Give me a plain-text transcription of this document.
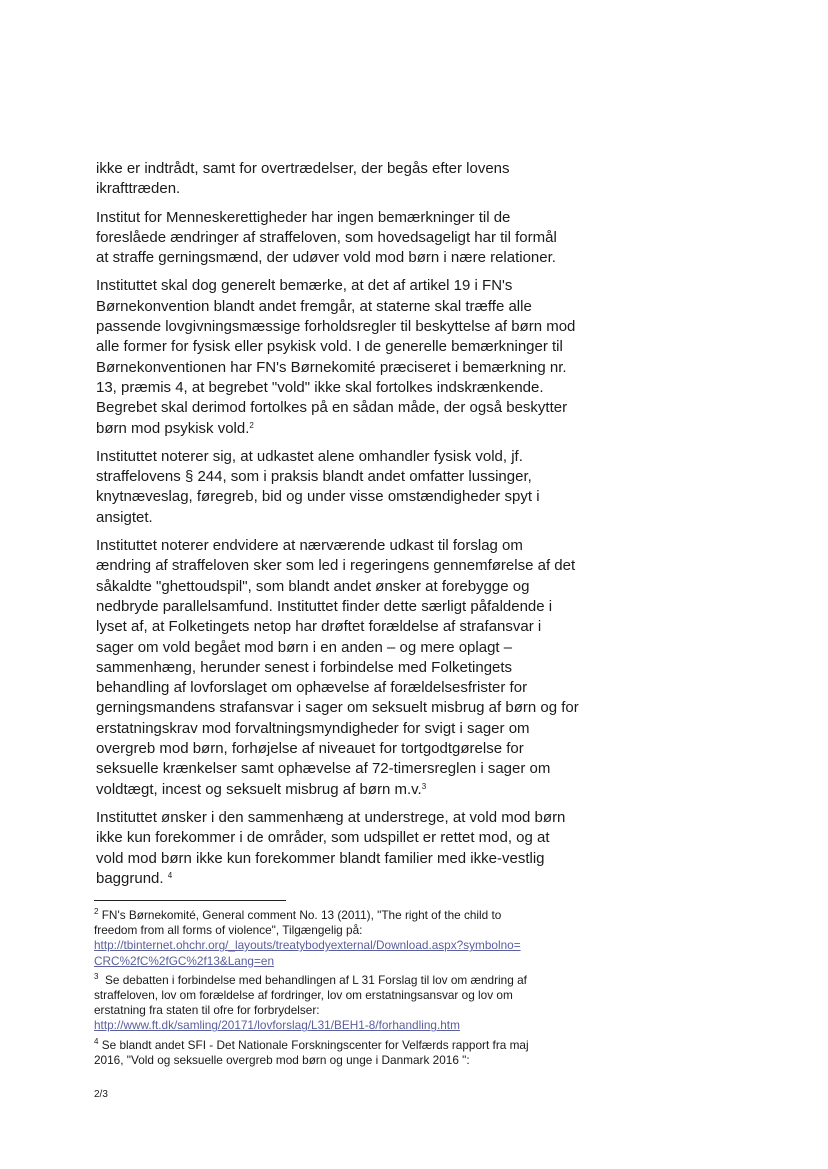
ikke er indtrådt, samt for overtrædelser, der begås efter lovens
ikrafttræden.

Institut for Menneskerettigheder har ingen bemærkninger til de
foreslåede ændringer af straffeloven, som hovedsageligt har til formål
at straffe gerningsmænd, der udøver vold mod børn i nære relationer.

Instituttet skal dog generelt bemærke, at det af artikel 19 i FN's
Børnekonvention blandt andet fremgår, at staterne skal træffe alle
passende lovgivningsmæssige forholdsregler til beskyttelse af børn mod
alle former for fysisk eller psykisk vold. I de generelle bemærkninger til
Børnekonventionen har FN's Børnekomité præciseret i bemærkning nr.
13, præmis 4, at begrebet "vold" ikke skal fortolkes indskrænkende.
Begrebet skal derimod fortolkes på en sådan måde, der også beskytter
børn mod psykisk vold.$^2$

Instituttet noterer sig, at udkastet alene omhandler fysisk vold, jf.
straffelovens § 244, som i praksis blandt andet omfatter lussinger,
knytnæveslag, føregreb, bid og under visse omstændigheder spyt i
ansigtet.

Instituttet noterer endvidere at nærværende udkast til forslag om
ændring af straffeloven sker som led i regeringens gennemførelse af det
såkaldte "ghettoudspil", som blandt andet ønsker at forebygge og
nedbryde parallelsamfund. Instituttet finder dette særligt påfaldende i
lyset af, at Folketingets netop har drøftet forældelse af strafansvar i
sager om vold begået mod børn i en anden – og mere oplagt –
sammenhæng, herunder senest i forbindelse med Folketingets
behandling af lovforslaget om ophævelse af forældelsesfrister for
gerningsmandens strafansvar i sager om seksuelt misbrug af børn og for
erstatningskrav mod forvaltningsmyndigheder for svigt i sager om
overgreb mod børn, forhøjelse af niveauet for tortgodtgørelse for
seksuelle krænkelser samt ophævelse af 72-timersreglen i sager om
voldtægt, incest og seksuelt misbrug af børn m.v.$^3$

Instituttet ønsker i den sammenhæng at understrege, at vold mod børn
ikke kun forekommer i de områder, som udspillet er rettet mod, og at
vold mod børn ikke kun forekommer blandt familier med ikke-vestlig
baggrund. $^4$

$^2$ FN's Børnekomité, General comment No. 13 (2011), "The right of the child to
freedom from all forms of violence", Tilgængelig på:
http://tbinternet.ohchr.org/_layouts/treatybodyexternal/Download.aspx?symbolno=
CRC%2fC%2fGC%2f13&Lang=en
$^3$  Se debatten i forbindelse med behandlingen af L 31 Forslag til lov om ændring af
straffeloven, lov om forældelse af fordringer, lov om erstatningsansvar og lov om
erstatning fra staten til ofre for forbrydelser:
http://www.ft.dk/samling/20171/lovforslag/L31/BEH1-8/forhandling.htm
$^4$ Se blandt andet SFI - Det Nationale Forskningscenter for Velfærds rapport fra maj
2016, "Vold og seksuelle overgreb mod børn og unge i Danmark 2016 ":
2/3
